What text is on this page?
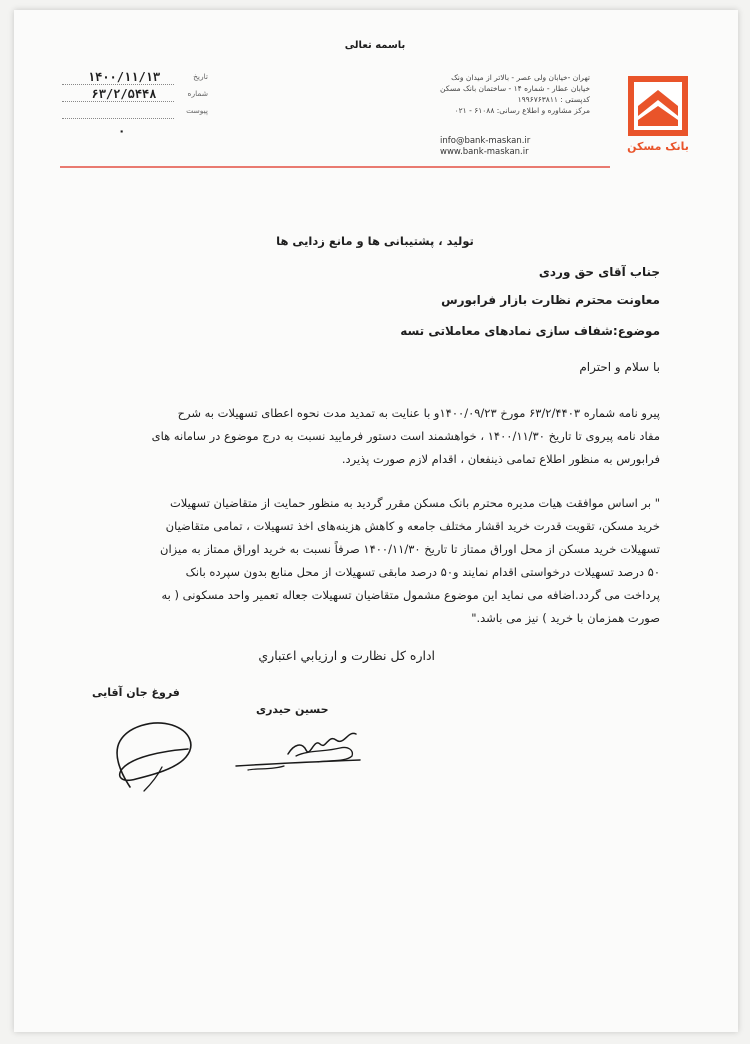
باسمه تعالی
بانک مسکن
تهران -خیابان ولی عصر - بالاتر از میدان ونک
خیابان عطار - شماره ۱۴ - ساختمان بانک مسکن
کدپستی : ۱۹۹۶۷۶۳۸۱۱
مرکز مشاوره و اطلاع رسانی: ۶۱۰۸۸ - ۰۲۱
info@bank-maskan.ir
www.bank-maskan.ir
تاریخ
۱۴۰۰/۱۱/۱۳
شماره
۶۳/۲/۵۴۴۸
پیوست
٠
تولید ، پشتیبانی ها و مانع زدایی ها
جناب آقای حق وردی
معاونت محترم نظارت بازار فرابورس
موضوع:شفاف سازی نمادهای معاملاتی تسه
با سلام و احترام
پیرو نامه شماره ۶۳/۲/۴۴۰۳ مورخ ۱۴۰۰/۰۹/۲۳و با عنایت به تمدید مدت نحوه اعطای تسهیلات به شرح
مفاد نامه پیروی تا تاریخ ۱۴۰۰/۱۱/۳۰ ، خواهشمند است دستور فرمایید نسبت به درج موضوع در سامانه های
فرابورس به منظور اطلاع تمامی ذینفعان ، اقدام لازم صورت پذیرد.
" بر اساس موافقت هیات مدیره محترم بانک مسکن مقرر گردید به منظور حمایت از متقاضیان تسهیلات
خرید مسکن، تقویت قدرت خرید اقشار مختلف جامعه و کاهش هزینه‌های اخذ تسهیلات ، تمامی متقاضیان
تسهیلات خرید مسکن از محل اوراق ممتاز تا تاریخ ۱۴۰۰/۱۱/۳۰ صرفاً نسبت به خرید اوراق ممتاز به میزان
۵۰ درصد تسهیلات درخواستی اقدام نمایند و۵۰ درصد مابقی تسهیلات از محل منابع بدون سپرده بانک
پرداخت می گردد.اضافه می نماید این موضوع مشمول متقاضیان تسهیلات جعاله تعمیر واحد مسکونی ( به
صورت همزمان با خرید ) نیز می باشد."
اداره کل نظارت و ارزيابي اعتباري
فروغ جان آقایی
حسین حیدری
